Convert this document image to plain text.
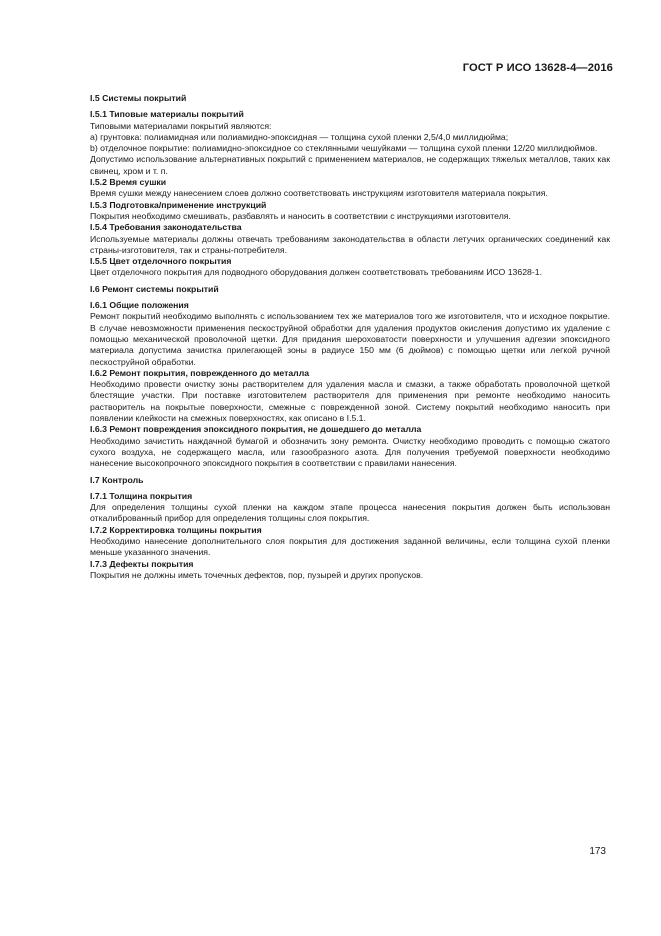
ГОСТ Р ИСО 13628-4—2016
I.5 Системы покрытий
I.5.1 Типовые материалы покрытий
Типовыми материалами покрытий являются:
а) грунтовка: полиамидная или полиамидно-эпоксидная — толщина сухой пленки 2,5/4,0 миллидюйма;
b) отделочное покрытие: полиамидно-эпоксидное со стеклянными чешуйками — толщина сухой пленки 12/20 миллидюймов.
Допустимо использование альтернативных покрытий с применением материалов, не содержащих тяжелых металлов, таких как свинец, хром и т. п.
I.5.2 Время сушки
Время сушки между нанесением слоев должно соответствовать инструкциям изготовителя материала покрытия.
I.5.3 Подготовка/применение инструкций
Покрытия необходимо смешивать, разбавлять и наносить в соответствии с инструкциями изготовителя.
I.5.4 Требования законодательства
Используемые материалы должны отвечать требованиям законодательства в области летучих органических соединений как страны-изготовителя, так и страны-потребителя.
I.5.5 Цвет отделочного покрытия
Цвет отделочного покрытия для подводного оборудования должен соответствовать требованиям ИСО 13628-1.
I.6 Ремонт системы покрытий
I.6.1 Общие положения
Ремонт покрытий необходимо выполнять с использованием тех же материалов того же изготовителя, что и исходное покрытие. В случае невозможности применения пескоструйной обработки для удаления продуктов окисления допустимо их удаление с помощью механической проволочной щетки. Для придания шероховатости поверхности и улучшения адгезии эпоксидного материала допустима зачистка прилегающей зоны в радиусе 150 мм (6 дюймов) с помощью щетки или легкой ручной пескоструйной обработки.
I.6.2 Ремонт покрытия, поврежденного до металла
Необходимо провести очистку зоны растворителем для удаления масла и смазки, а также обработать проволочной щеткой блестящие участки. При поставке изготовителем растворителя для применения при ремонте необходимо наносить растворитель на покрытые поверхности, смежные с поврежденной зоной. Систему покрытий необходимо наносить при появлении клейкости на смежных поверхностях, как описано в I.5.1.
I.6.3 Ремонт повреждения эпоксидного покрытия, не дошедшего до металла
Необходимо зачистить наждачной бумагой и обозначить зону ремонта. Очистку необходимо проводить с помощью сжатого сухого воздуха, не содержащего масла, или газообразного азота. Для получения требуемой поверхности необходимо нанесение высокопрочного эпоксидного покрытия в соответствии с правилами нанесения.
I.7 Контроль
I.7.1 Толщина покрытия
Для определения толщины сухой пленки на каждом этапе процесса нанесения покрытия должен быть использован откалиброванный прибор для определения толщины слоя покрытия.
I.7.2 Корректировка толщины покрытия
Необходимо нанесение дополнительного слоя покрытия для достижения заданной величины, если толщина сухой пленки меньше указанного значения.
I.7.3 Дефекты покрытия
Покрытия не должны иметь точечных дефектов, пор, пузырей и других пропусков.
173
